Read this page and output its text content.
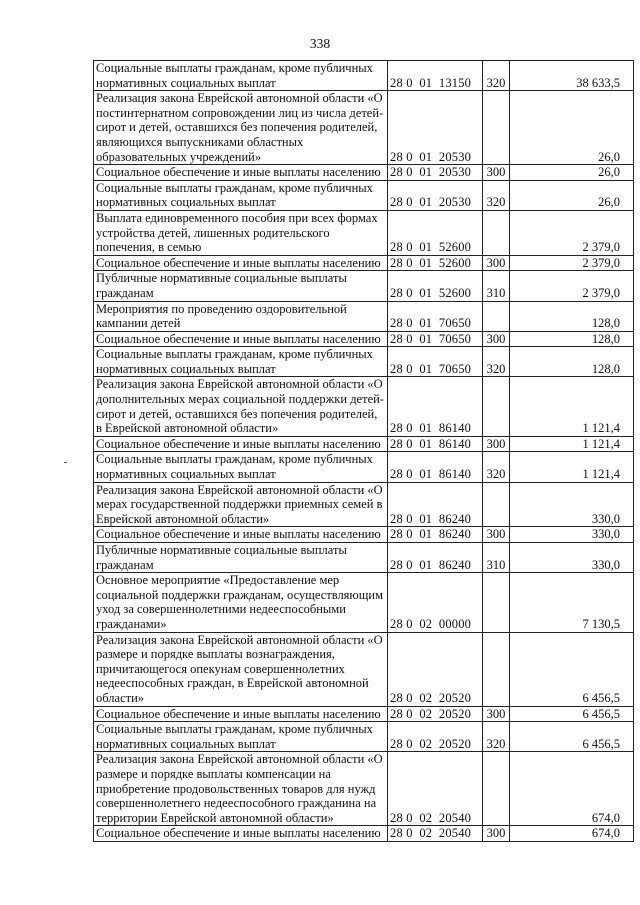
338
Социальные выплаты гражданам, кроме публичных нормативных социальных выплат	28 0  01  13150	320	38 633,5
Реализация закона Еврейской автономной области «О постинтернатном сопровождении лиц из числа детей-сирот и детей, оставшихся без попечения родителей, являющихся выпускниками областных образовательных учреждений»	28 0  01  20530		26,0
Социальное обеспечение и иные выплаты населению	28 0  01  20530	300	26,0
Социальные выплаты гражданам, кроме публичных нормативных социальных выплат	28 0  01  20530	320	26,0
Выплата единовременного пособия при всех формах устройства детей, лишенных родительского попечения, в семью	28 0  01  52600		2 379,0
Социальное обеспечение и иные выплаты населению	28 0  01  52600	300	2 379,0
Публичные нормативные социальные выплаты гражданам	28 0  01  52600	310	2 379,0
Мероприятия по проведению оздоровительной кампании детей	28 0  01  70650		128,0
Социальное обеспечение и иные выплаты населению	28 0  01  70650	300	128,0
Социальные выплаты гражданам, кроме публичных нормативных социальных выплат	28 0  01  70650	320	128,0
Реализация закона Еврейской автономной области «О дополнительных мерах социальной поддержки детей-сирот и детей, оставшихся без попечения родителей, в Еврейской автономной области»	28 0  01  86140		1 121,4
Социальное обеспечение и иные выплаты населению	28 0  01  86140	300	1 121,4
Социальные выплаты гражданам, кроме публичных нормативных социальных выплат	28 0  01  86140	320	1 121,4
Реализация закона Еврейской автономной области «О мерах государственной поддержки приемных семей в Еврейской автономной области»	28 0  01  86240		330,0
Социальное обеспечение и иные выплаты населению	28 0  01  86240	300	330,0
Публичные нормативные социальные выплаты гражданам	28 0  01  86240	310	330,0
Основное мероприятие «Предоставление мер социальной поддержки гражданам, осуществляющим уход за совершеннолетними недееспособными гражданами»	28 0  02  00000		7 130,5
Реализация закона Еврейской автономной области «О размере и порядке выплаты вознаграждения, причитающегося опекунам совершеннолетних недееспособных граждан, в Еврейской автономной области»	28 0  02  20520		6 456,5
Социальное обеспечение и иные выплаты населению	28 0  02  20520	300	6 456,5
Социальные выплаты гражданам, кроме публичных нормативных социальных выплат	28 0  02  20520	320	6 456,5
Реализация закона Еврейской автономной области «О размере и порядке выплаты компенсации на приобретение продовольственных товаров для нужд совершеннолетнего недееспособного гражданина на территории Еврейской автономной области»	28 0  02  20540		674,0
Социальное обеспечение и иные выплаты населению	28 0  02  20540	300	674,0
